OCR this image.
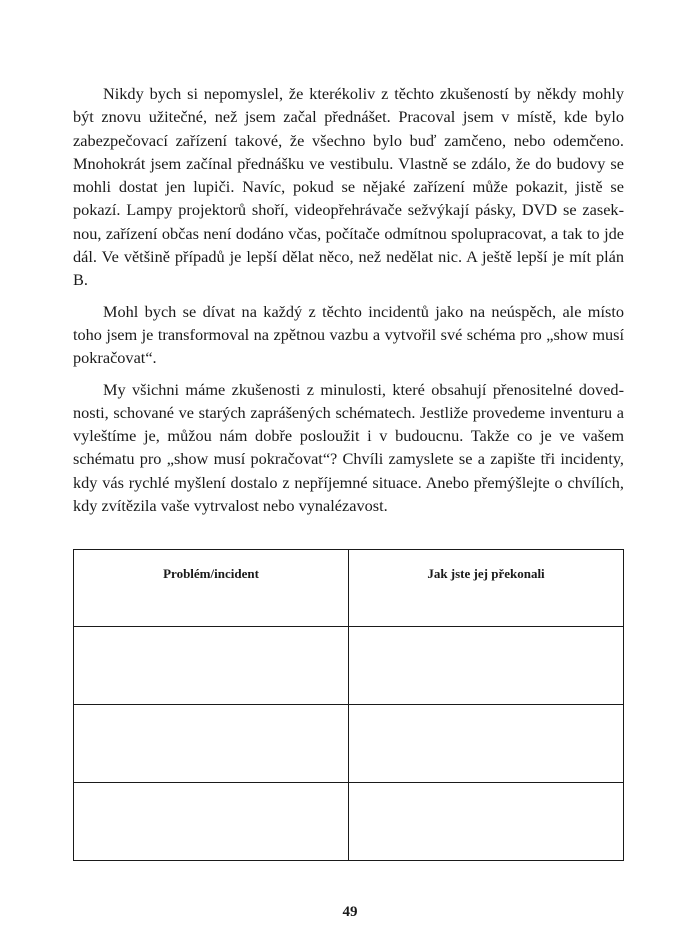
Nikdy bych si nepomyslel, že kterékoliv z těchto zkušeností by někdy mohly být znovu užitečné, než jsem začal přednášet. Pracoval jsem v místě, kde bylo zabezpečovací zařízení takové, že všechno bylo buď zamčeno, nebo odemčeno. Mnohokrát jsem začínal přednášku ve vestibulu. Vlastně se zdálo, že do budovy se mohli dostat jen lupiči. Navíc, pokud se nějaké zařízení může pokazit, jistě se pokazí. Lampy projektorů shoří, videopřehrávače sežvýkají pásky, DVD se zaseknou, zařízení občas není dodáno včas, počítače odmítnou spolupracovat, a tak to jde dál. Ve většině případů je lepší dělat něco, než nedělat nic. A ještě lepší je mít plán B.

Mohl bych se dívat na každý z těchto incidentů jako na neúspěch, ale místo toho jsem je transformoval na zpětnou vazbu a vytvořil své schéma pro „show musí pokračovat“.

My všichni máme zkušenosti z minulosti, které obsahují přenositelné dovednosti, schované ve starých zaprášených schématech. Jestliže provedeme inventuru a vyleštíme je, můžou nám dobře posloužit i v budoucnu. Takže co je ve vašem schématu pro „show musí pokračovat“? Chvíli zamyslete se a zapište tři incidenty, kdy vás rychlé myšlení dostalo z nepříjemné situace. Anebo přemýšlejte o chvílích, kdy zvítězila vaše vytrvalost nebo vynalézavost.

Problém/incident	Jak jste jej překonali

49
